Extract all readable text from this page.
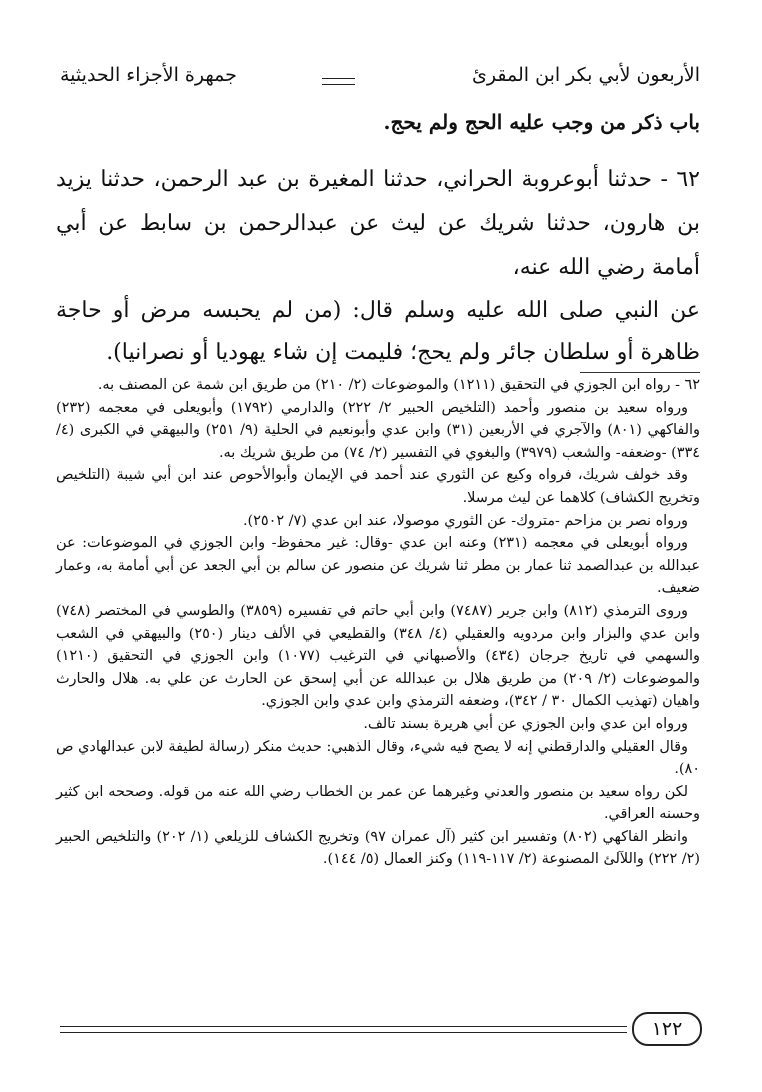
الأربعون لأبي بكر ابن المقرئ
جمهرة الأجزاء الحديثية
باب ذكر من وجب عليه الحج ولم يحج.

٦٢ - حدثنا أبوعروبة الحراني، حدثنا المغيرة بن عبد الرحمن، حدثنا يزيد بن هارون، حدثنا شريك عن ليث عن عبدالرحمن بن سابط عن أبي أمامة رضي الله عنه،

عن النبي صلى الله عليه وسلم قال: (من لم يحبسه مرض أو حاجة ظاهرة أو سلطان جائر ولم يحج؛ فليمت إن شاء يهوديا أو نصرانيا).

٦٢ - رواه ابن الجوزي في التحقيق (١٢١١) والموضوعات (٢/ ٢١٠) من طريق ابن شمة عن المصنف به.

ورواه سعيد بن منصور وأحمد (التلخيص الحبير ٢/ ٢٢٢) والدارمي (١٧٩٢) وأبويعلى في معجمه (٢٣٢) والفاكهي (٨٠١) والآجري في الأربعين (٣١) وابن عدي وأبونعيم في الحلية (٩/ ٢٥١) والبيهقي في الكبرى (٤/ ٣٣٤) -وضعفه- والشعب (٣٩٧٩) والبغوي في التفسير (٢/ ٧٤) من طريق شريك به.

وقد خولف شريك، فرواه وكيع عن الثوري عند أحمد في الإيمان وأبوالأحوص عند ابن أبي شيبة (التلخيص وتخريج الكشاف) كلاهما عن ليث مرسلا.

ورواه نصر بن مزاحم -متروك- عن الثوري موصولا، عند ابن عدي (٧/ ٢٥٠٢).

ورواه أبويعلى في معجمه (٢٣١) وعنه ابن عدي -وقال: غير محفوظ- وابن الجوزي في الموضوعات: عن عبدالله بن عبدالصمد ثنا عمار بن مطر ثنا شريك عن منصور عن سالم بن أبي الجعد عن أبي أمامة به، وعمار ضعيف.

وروى الترمذي (٨١٢) وابن جرير (٧٤٨٧) وابن أبي حاتم في تفسيره (٣٨٥٩) والطوسي في المختصر (٧٤٨) وابن عدي والبزار وابن مردويه والعقيلي (٤/ ٣٤٨) والقطيعي في الألف دينار (٢٥٠) والبيهقي في الشعب والسهمي في تاريخ جرجان (٤٣٤) والأصبهاني في الترغيب (١٠٧٧) وابن الجوزي في التحقيق (١٢١٠) والموضوعات (٢/ ٢٠٩) من طريق هلال بن عبدالله عن أبي إسحق عن الحارث عن علي به. هلال والحارث واهيان (تهذيب الكمال ٣٠ / ٣٤٢)، وضعفه الترمذي وابن عدي وابن الجوزي.

ورواه ابن عدي وابن الجوزي عن أبي هريرة بسند تالف.

وقال العقيلي والدارقطني إنه لا يصح فيه شيء، وقال الذهبي: حديث منكر (رسالة لطيفة لابن عبدالهادي ص ٨٠).

لكن رواه سعيد بن منصور والعدني وغيرهما عن عمر بن الخطاب رضي الله عنه من قوله. وصححه ابن كثير وحسنه العراقي.

وانظر الفاكهي (٨٠٢) وتفسير ابن كثير (آل عمران ٩٧) وتخريج الكشاف للزيلعي (١/ ٢٠٢) والتلخيص الحبير (٢/ ٢٢٢) واللآلئ المصنوعة (٢/ ١١٧-١١٩) وكنز العمال (٥/ ١٤٤).

١٢٢
